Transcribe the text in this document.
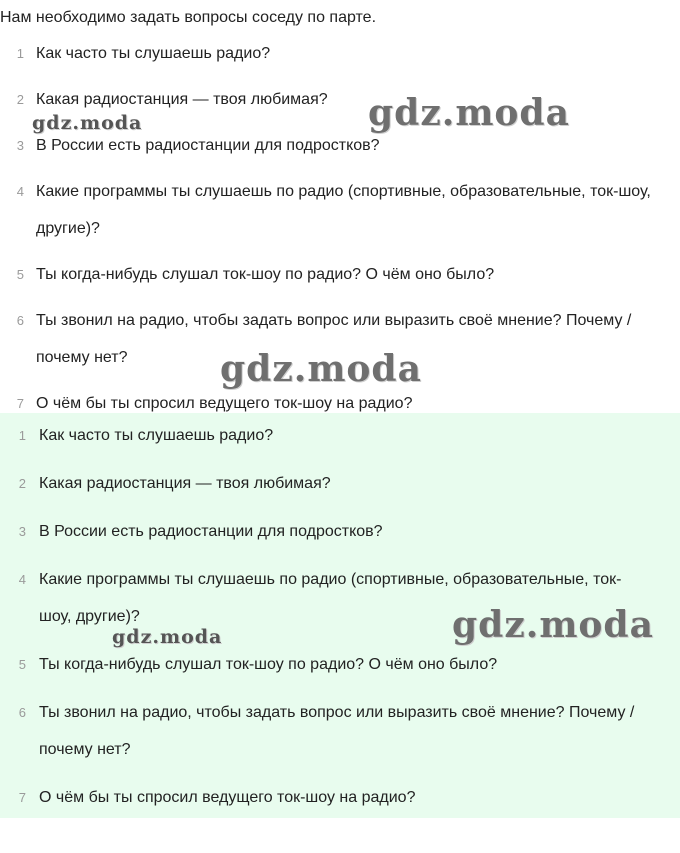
Нам необходимо задать вопросы соседу по парте.
1 Как часто ты слушаешь радио?
2 Какая радиостанция — твоя любимая?
3 В России есть радиостанции для подростков?
4 Какие программы ты слушаешь по радио (спортивные, образовательные, ток-шоу, другие)?
5 Ты когда-нибудь слушал ток-шоу по радио? О чём оно было?
6 Ты звонил на радио, чтобы задать вопрос или выразить своё мнение? Почему / почему нет?
7 О чём бы ты спросил ведущего ток-шоу на радио?
1 Как часто ты слушаешь радио?
2 Какая радиостанция — твоя любимая?
3 В России есть радиостанции для подростков?
4 Какие программы ты слушаешь по радио (спортивные, образовательные, ток-шоу, другие)?
5 Ты когда-нибудь слушал ток-шоу по радио? О чём оно было?
6 Ты звонил на радио, чтобы задать вопрос или выразить своё мнение? Почему / почему нет?
7 О чём бы ты спросил ведущего ток-шоу на радио?
gdz.moda
gdz.moda
gdz.moda
gdz.moda
gdz.moda
